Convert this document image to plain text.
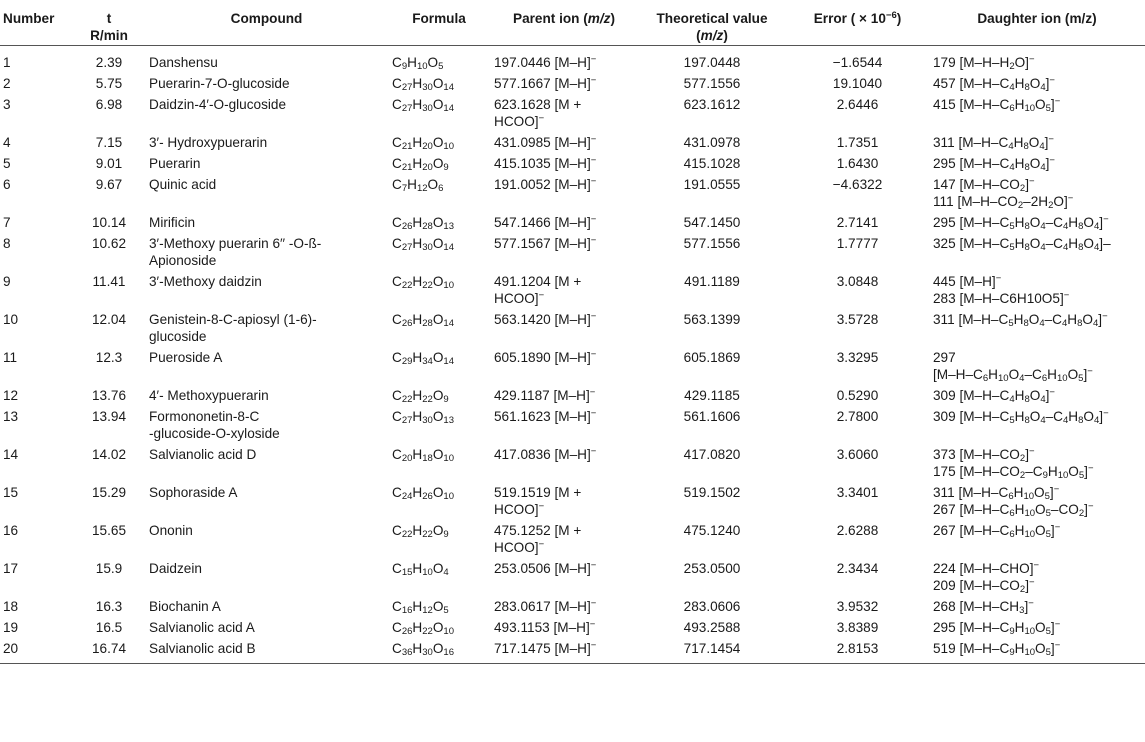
Number	t
R/min	Compound	Formula	Parent ion (m/z)	Theoretical value
(m/z)	Error ( × $10^{-6}$)	Daughter ion (m/z)
1	2.39	Danshensu	$C_9H_{10}O_5$	197.0446 [M–H]−	197.0448	−1.6544	179 $[M-H-H_2O]^-$
2	5.75	Puerarin-7-O-glucoside	$C_{27}H_{30}O_{14}$	577.1667 [M–H]−	577.1556	19.1040	457 $[M-H-C_4H_8O_4]^-$
3	6.98	Daidzin-4′-O-glucoside	$C_{27}H_{30}O_{14}$	623.1628 [M +
HCOO]−	623.1612	2.6446	415 $[M-H-C_6H_{10}O_5]^-$
4	7.15	3′- Hydroxypuerarin	$C_{21}H_{20}O_{10}$	431.0985 [M–H]−	431.0978	1.7351	311 $[M-H-C_4H_8O_4]^-$
5	9.01	Puerarin	$C_{21}H_{20}O_9$	415.1035 [M–H]−	415.1028	1.6430	295 $[M-H-C_4H_8O_4]^-$
6	9.67	Quinic acid	$C_7H_{12}O_6$	191.0052 [M–H]−	191.0555	−4.6322	147 $[M-H-CO_2]^-$
111 $[M-H-CO_2-2H_2O]^-$
7	10.14	Mirificin	$C_{26}H_{28}O_{13}$	547.1466 [M–H]−	547.1450	2.7141	295 $[M-H-C_5H_8O_4-C_4H_8O_4]^-$
8	10.62	3′-Methoxy puerarin 6′′ -O-ß-
Apionoside	$C_{27}H_{30}O_{14}$	577.1567 [M–H]−	577.1556	1.7777	325 $[M-H-C_5H_8O_4-C_4H_8O_4]-$
9	11.41	3′-Methoxy daidzin	$C_{22}H_{22}O_{10}$	491.1204 [M +
HCOO]−	491.1189	3.0848	445 [M–H]−
283 [M–H–C6H10O5]−
10	12.04	Genistein-8-C-apiosyl (1-6)-
glucoside	$C_{26}H_{28}O_{14}$	563.1420 [M–H]−	563.1399	3.5728	311 $[M-H-C_5H_8O_4-C_4H_8O_4]^-$
11	12.3	Pueroside A	$C_{29}H_{34}O_{14}$	605.1890 [M–H]−	605.1869	3.3295	297
$[M-H-C_6H_{10}O_4-C_6H_{10}O_5]^-$
12	13.76	4′- Methoxypuerarin	$C_{22}H_{22}O_9$	429.1187 [M–H]−	429.1185	0.5290	309 $[M-H-C_4H_8O_4]^-$
13	13.94	Formononetin-8-C
-glucoside-O-xyloside	$C_{27}H_{30}O_{13}$	561.1623 [M–H]−	561.1606	2.7800	309 $[M-H-C_5H_8O_4-C_4H_8O_4]^-$
14	14.02	Salvianolic acid D	$C_{20}H_{18}O_{10}$	417.0836 [M–H]−	417.0820	3.6060	373 $[M-H-CO_2]^-$
175 $[M-H-CO_2-C_9H_{10}O_5]^-$
15	15.29	Sophoraside A	$C_{24}H_{26}O_{10}$	519.1519 [M +
HCOO]−	519.1502	3.3401	311 $[M-H-C_6H_{10}O_5]^-$
267 $[M-H-C_6H_{10}O_5-CO_2]^-$
16	15.65	Ononin	$C_{22}H_{22}O_9$	475.1252 [M +
HCOO]−	475.1240	2.6288	267 $[M-H-C_6H_{10}O_5]^-$
17	15.9	Daidzein	$C_{15}H_{10}O_4$	253.0506 [M–H]−	253.0500	2.3434	224 [M–H–CHO]−
209 $[M-H-CO_2]^-$
18	16.3	Biochanin A	$C_{16}H_{12}O_5$	283.0617 [M–H]−	283.0606	3.9532	268 $[M-H-CH_3]^-$
19	16.5	Salvianolic acid A	$C_{26}H_{22}O_{10}$	493.1153 [M–H]−	493.2588	3.8389	295 $[M-H-C_9H_{10}O_5]^-$
20	16.74	Salvianolic acid B	$C_{36}H_{30}O_{16}$	717.1475 [M–H]−	717.1454	2.8153	519 $[M-H-C_9H_{10}O_5]^-$
